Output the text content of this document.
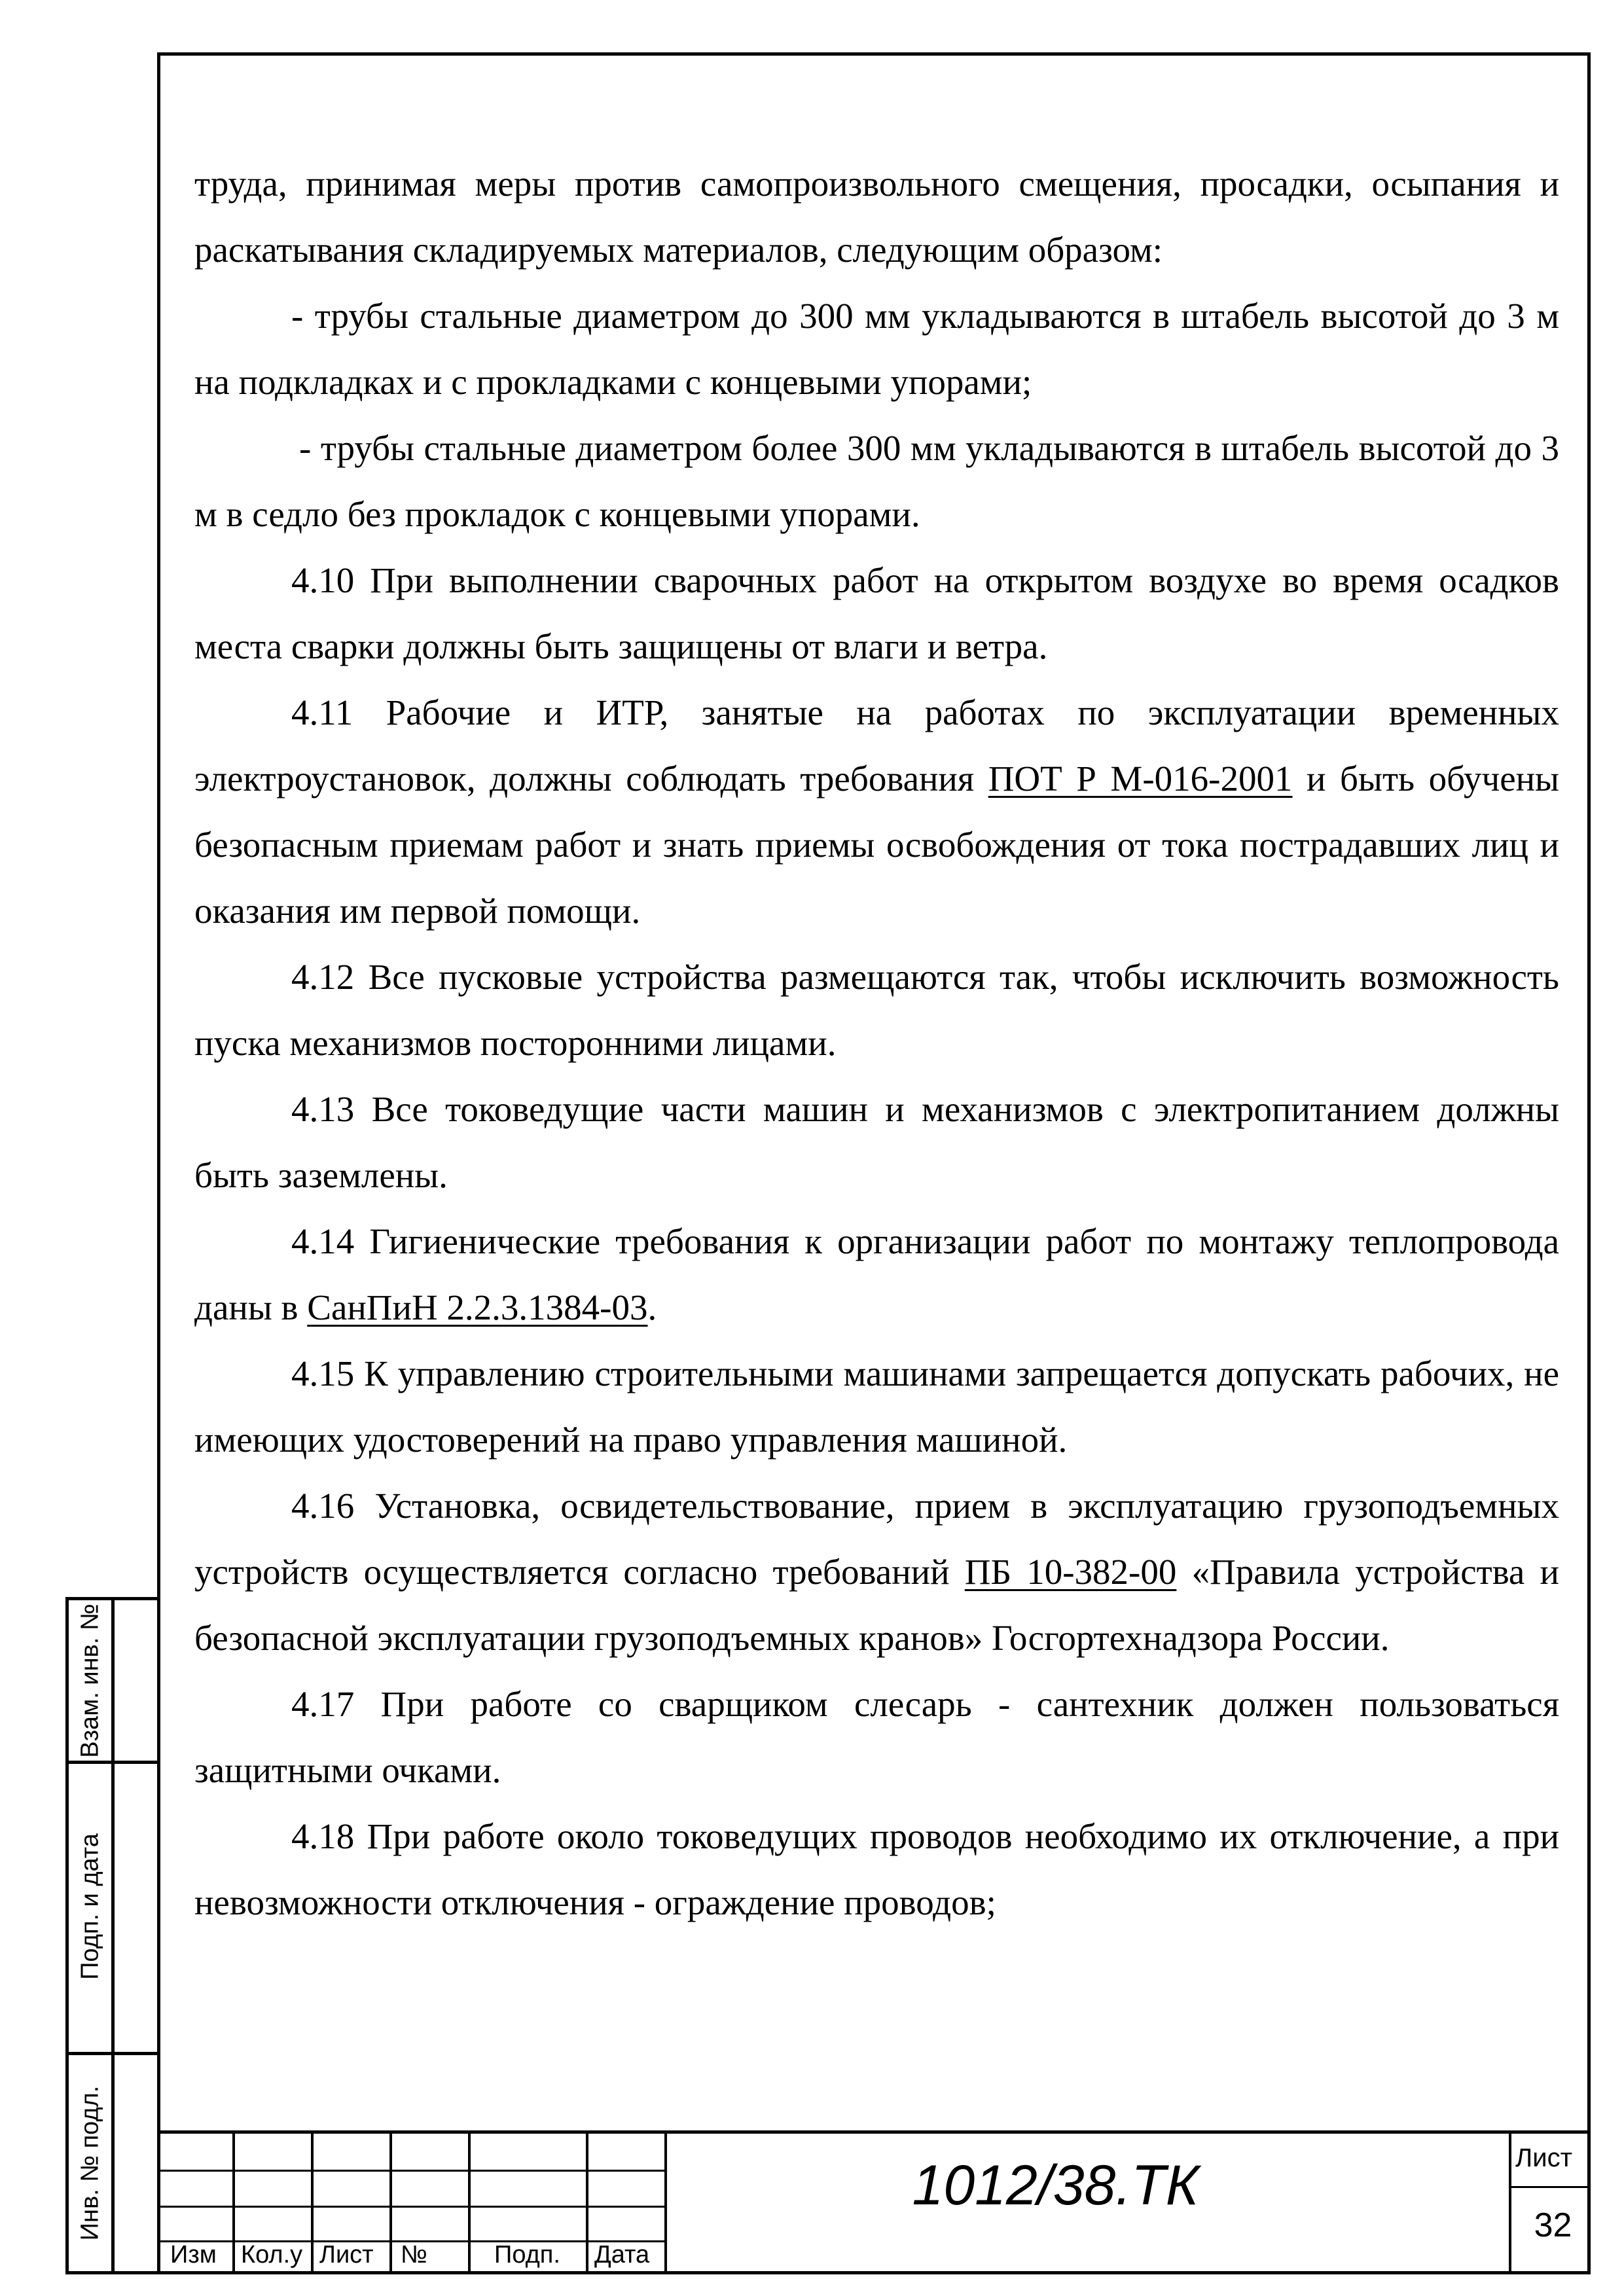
труда, принимая меры против самопроизвольного смещения, просадки, осыпания и раскатывания складируемых материалов, следующим образом:

- трубы стальные диаметром до 300 мм укладываются в штабель высотой до 3 м на подкладках и с прокладками с концевыми упорами;

- трубы стальные диаметром более 300 мм укладываются в штабель высотой до 3 м в седло без прокладок с концевыми упорами.

4.10 При выполнении сварочных работ на открытом воздухе во время осадков места сварки должны быть защищены от влаги и ветра.

4.11 Рабочие и ИТР, занятые на работах по эксплуатации временных электроустановок, должны соблюдать требования ПОТ Р М-016-2001 и быть обучены безопасным приемам работ и знать приемы освобождения от тока пострадавших лиц и оказания им первой помощи.

4.12 Все пусковые устройства размещаются так, чтобы исключить возможность пуска механизмов посторонними лицами.

4.13 Все токоведущие части машин и механизмов с электропитанием должны быть заземлены.

4.14 Гигиенические требования к организации работ по монтажу теплопровода даны в СанПиН 2.2.3.1384-03.

4.15 К управлению строительными машинами запрещается допускать рабочих, не имеющих удостоверений на право управления машиной.

4.16 Установка, освидетельствование, прием в эксплуатацию грузоподъемных устройств осуществляется согласно требований ПБ 10-382-00 «Правила устройства и безопасной эксплуатации грузоподъемных кранов» Госгортехнадзора России.

4.17 При работе со сварщиком слесарь - сантехник должен пользоваться защитными очками.

4.18 При работе около токоведущих проводов необходимо их отключение, а при невозможности отключения - ограждение проводов;

Взам. инв. №
Подп. и дата
Инв. № подл.
Изм Кол.у Лист №	Подп. Дата
1012/38.ТК	Лист
32
